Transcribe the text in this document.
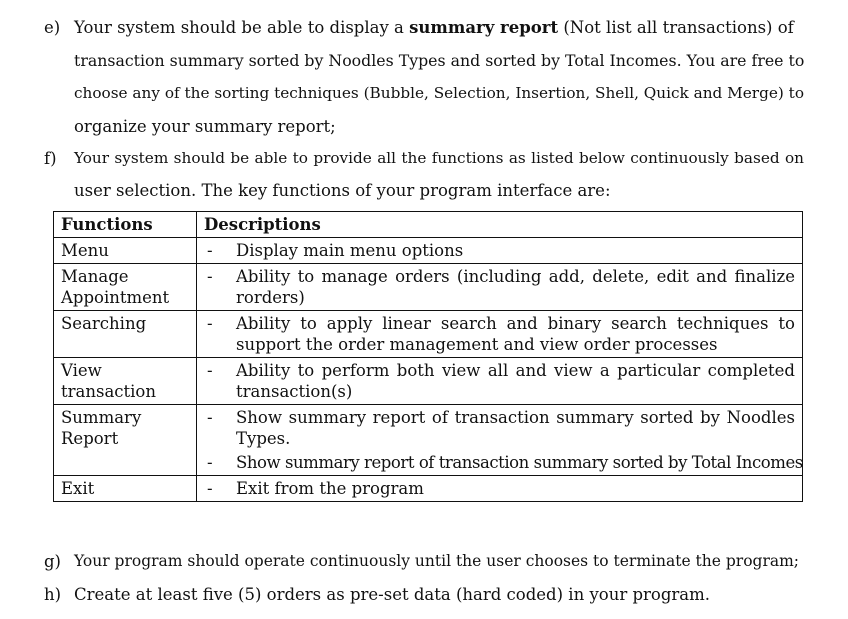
e) Your system should be able to display a summary report (Not list all transactions) of
transaction summary sorted by Noodles Types and sorted by Total Incomes. You are free to
choose any of the sorting techniques (Bubble, Selection, Insertion, Shell, Quick and Merge) to
organize your summary report;
f) Your system should be able to provide all the functions as listed below continuously based on
user selection. The key functions of your program interface are:
Functions	Descriptions
Menu	- Display main menu options

Manage Appointment	- Ability to manage orders (including add, delete, edit and finalize rorders)

Searching	- Ability to apply linear search and binary search techniques to support the order management and view order processes

View transaction	- Ability to perform both view all and view a particular completed transaction(s)

Summary Report	- Show summary report of transaction summary sorted by Noodles Types.
- Show summary report of transaction summary sorted by Total Incomes

Exit	- Exit from the program
g) Your program should operate continuously until the user chooses to terminate the program;
h) Create at least five (5) orders as pre-set data (hard coded) in your program.
